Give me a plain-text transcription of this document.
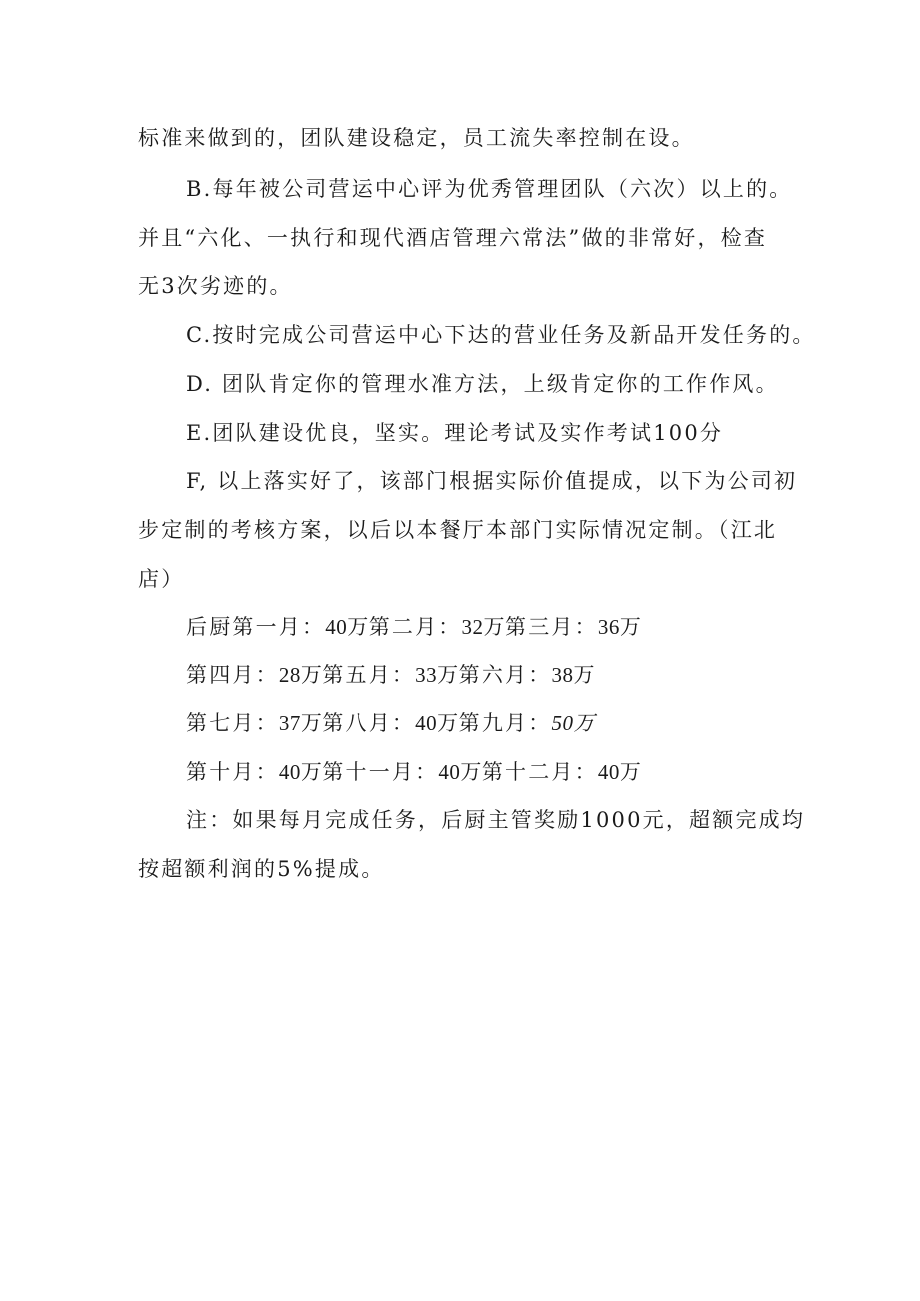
标准来做到的，团队建设稳定，员工流失率控制在设。
B.每年被公司营运中心评为优秀管理团队（六次）以上的。
并且“六化、一执行和现代酒店管理六常法”做的非常好，检查
无3次劣迹的。
C.按时完成公司营运中心下达的营业任务及新品开发任务的。
D. 团队肯定你的管理水准方法，上级肯定你的工作作风。
E.团队建设优良，坚实。理论考试及实作考试100分
F, 以上落实好了，该部门根据实际价值提成，以下为公司初
步定制的考核方案，以后以本餐厅本部门实际情况定制。（江北
店）
后厨第一月：40万第二月：32万第三月：36万
第四月：28万第五月：33万第六月：38万
第七月：37万第八月：40万第九月：50万
第十月：40万第十一月：40万第十二月：40万
注：如果每月完成任务，后厨主管奖励1000元，超额完成均
按超额利润的5%提成。
